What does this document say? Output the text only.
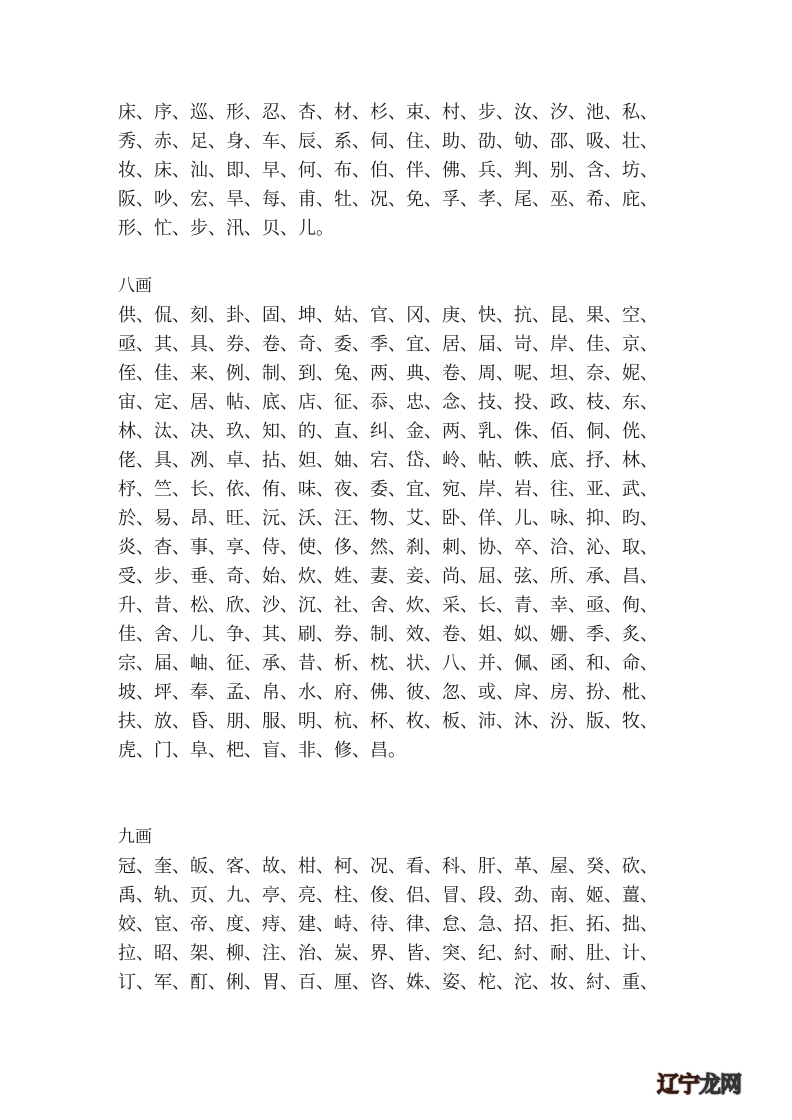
床、序、巡、形、忍、杏、材、杉、束、村、步、汝、汐、池、私、
秀、赤、足、身、车、辰、系、伺、住、助、劭、劬、邵、吸、壮、
妆、床、汕、即、早、何、布、伯、伴、佛、兵、判、别、含、坊、
阪、吵、宏、旱、每、甫、牡、况、免、孚、孝、尾、巫、希、庇、
形、忙、步、汛、贝、儿。
八画
供、侃、刻、卦、固、坤、姑、官、冈、庚、快、抗、昆、果、空、
亟、其、具、券、卷、奇、委、季、宜、居、届、岢、岸、佳、京、
侄、佳、来、例、制、到、兔、两、典、卷、周、呢、坦、奈、妮、
宙、定、居、帖、底、店、征、忝、忠、念、技、投、政、枝、东、
林、汰、决、玖、知、的、直、纠、金、两、乳、侏、佰、侗、侊、
佬、具、冽、卓、拈、妲、妯、宕、岱、岭、帖、帙、底、抒、林、
杼、竺、长、依、侑、味、夜、委、宜、宛、岸、岩、往、亚、武、
於、易、昂、旺、沅、沃、汪、物、艾、卧、佯、儿、咏、抑、昀、
炎、杳、事、享、侍、使、侈、然、刹、刺、协、卒、洽、沁、取、
受、步、垂、奇、始、炊、姓、妻、妾、尚、屈、弦、所、承、昌、
升、昔、松、欣、沙、沉、社、舍、炊、采、长、青、幸、亟、侚、
佳、舍、儿、争、其、刷、券、制、效、卷、姐、姒、姗、季、炙、
宗、届、岫、征、承、昔、析、枕、状、八、并、佩、函、和、命、
坡、坪、奉、孟、帛、水、府、佛、彼、忽、或、戽、房、扮、枇、
扶、放、昏、朋、服、明、杭、杯、枚、板、沛、沐、汾、版、牧、
虎、门、阜、杷、盲、非、修、昌。
九画
冠、奎、皈、客、故、柑、柯、况、看、科、肝、革、屋、癸、砍、
禹、轨、页、九、亭、亮、柱、俊、侣、冒、段、劲、南、姬、薑、
姣、宦、帝、度、痔、建、峙、待、律、怠、急、招、拒、拓、拙、
拉、昭、架、柳、注、治、炭、界、皆、突、纪、紂、耐、肚、计、
订、军、酊、俐、胃、百、厘、咨、姝、姿、柁、沱、妆、紂、重、
辽宁龙网
